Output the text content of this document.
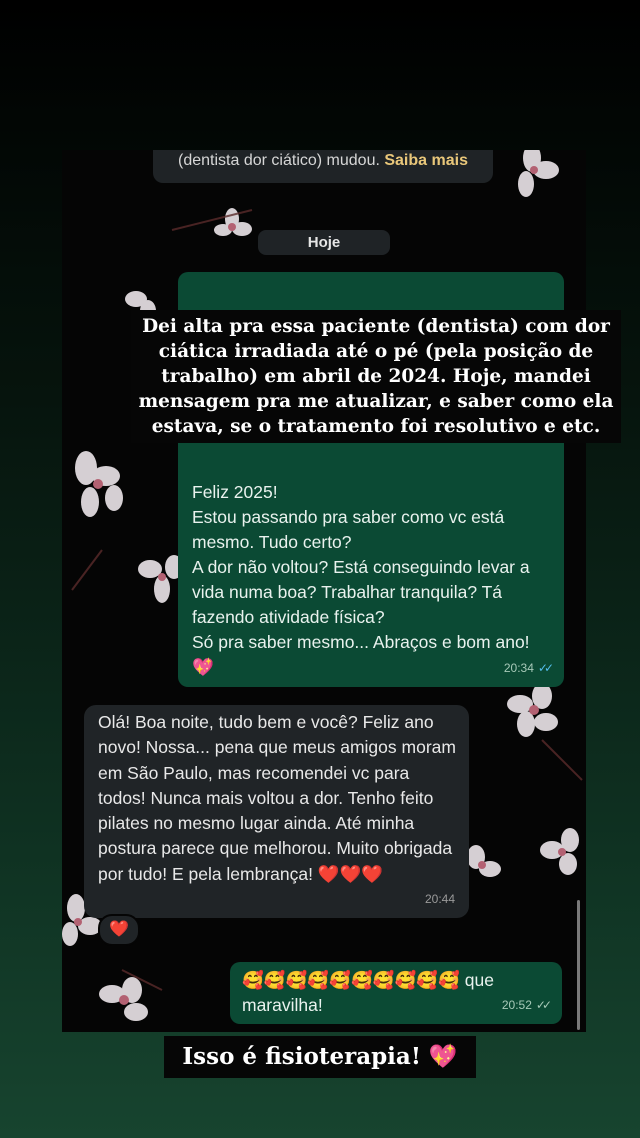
(dentista dor ciático) mudou. Saiba mais
Hoje
Feliz 2025!
Estou passando pra saber como vc está mesmo. Tudo certo?
A dor não voltou? Está conseguindo levar a vida numa boa? Trabalhar tranquila? Tá fazendo atividade física?
Só pra saber mesmo... Abraços e bom ano! 💖	20:34 ✓✓
Olá! Boa noite, tudo bem e você? Feliz ano novo! Nossa... pena que meus amigos moram em São Paulo, mas recomendei vc para todos! Nunca mais voltou a dor. Tenho feito pilates no mesmo lugar ainda. Até minha postura parece que melhorou. Muito obrigada por tudo! E pela lembrança! ❤️❤️❤️
20:44
❤️
🥰🥰🥰🥰🥰🥰🥰🥰🥰🥰 que maravilha!	20:52 ✓✓
Dei alta pra essa paciente (dentista) com dor ciática irradiada até o pé (pela posição de trabalho) em abril de 2024. Hoje, mandei mensagem pra me atualizar, e saber como ela estava, se o tratamento foi resolutivo e etc.
Isso é fisioterapia! 💖
